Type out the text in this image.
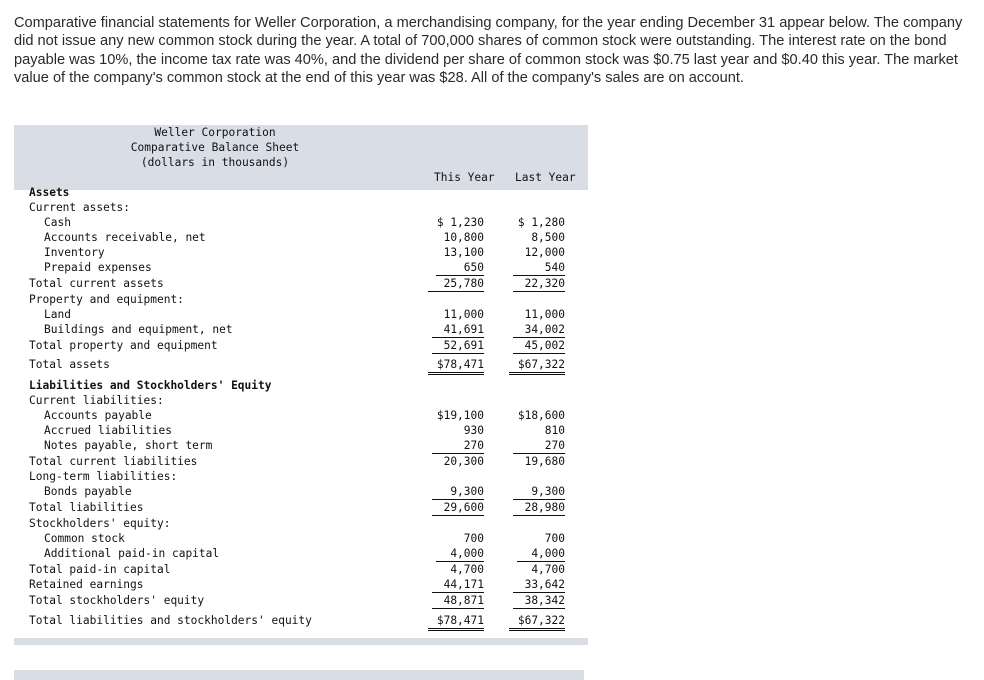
Comparative financial statements for Weller Corporation, a merchandising company, for the year ending December 31 appear below. The company did not issue any new common stock during the year. A total of 700,000 shares of common stock were outstanding. The interest rate on the bond payable was 10%, the income tax rate was 40%, and the dividend per share of common stock was $0.75 last year and $0.40 this year. The market value of the company's common stock at the end of this year was $28. All of the company's sales are on account.
Weller Corporation
Comparative Balance Sheet
(dollars in thousands)
This Year Last Year
Assets
Current assets:
Cash	$ 1,230	$ 1,280
Accounts receivable, net	10,800	8,500
Inventory	13,100	12,000
Prepaid expenses	650	540
Total current assets	25,780	22,320
Property and equipment:
Land	11,000	11,000
Buildings and equipment, net	41,691	34,002
Total property and equipment	52,691	45,002
Total assets	$78,471	$67,322
Liabilities and Stockholders' Equity
Current liabilities:
Accounts payable	$19,100	$18,600
Accrued liabilities	930	810
Notes payable, short term	270	270
Total current liabilities	20,300	19,680
Long-term liabilities:
Bonds payable	9,300	9,300
Total liabilities	29,600	28,980
Stockholders' equity:
Common stock	700	700
Additional paid-in capital	4,000	4,000
Total paid-in capital	4,700	4,700
Retained earnings	44,171	33,642
Total stockholders' equity	48,871	38,342
Total liabilities and stockholders' equity	$78,471	$67,322
